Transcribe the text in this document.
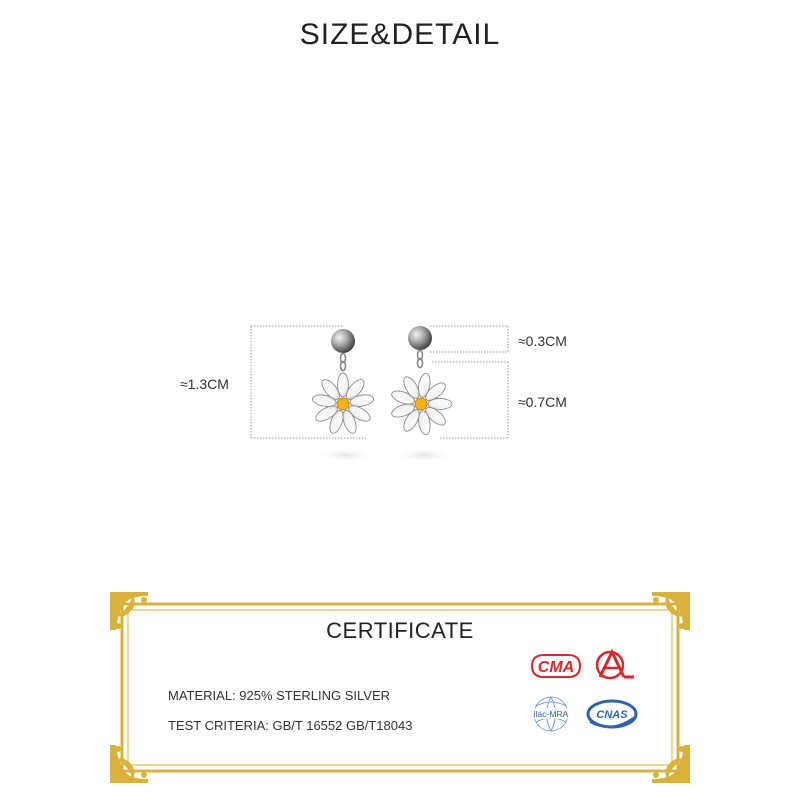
SIZE&DETAIL
≈1.3CM
≈0.3CM
≈0.7CM
CERTIFICATE
MATERIAL: 925% STERLING SILVER
TEST CRITERIA: GB/T 16552 GB/T18043
CMA
CAL
ilac-MRA	CNAS
